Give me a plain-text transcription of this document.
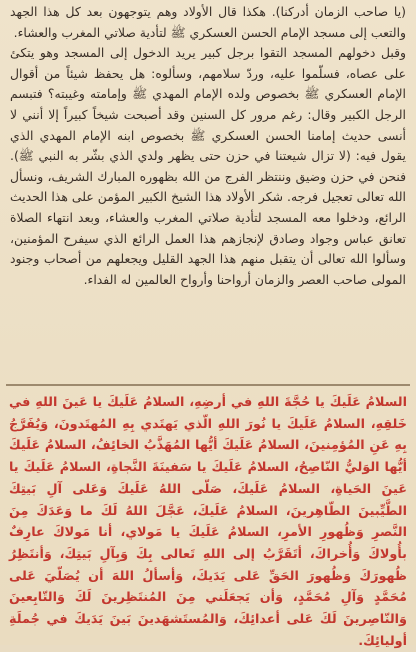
(يا صاحب الزمان أدركنا). هكذا قال الأولاد وهم يتوجهون بعد كل هذا الجهد والتعب إلى مسجد الإمام الحسن العسكري ﷺ لتأدية صلاتي المغرب والعشاء.

وقبل دخولهم المسجد التقوا برجل كبير يريد الدخول إلى المسجد وهو يتكئ على عصاه، فسلّموا عليه، وردّ سلامهم، وسألوه: هل يحفظ شيئاً من أقوال الإمام العسكري ﷺ بخصوص ولده الإمام المهدي ﷺ وإمامته وغيبته؟ فتبسم الرجل الكبير وقال: رغم مرور كل السنين وقد أصبحت شيخاً كبيراً إلا أنني لا أنسى حديث إمامنا الحسن العسكري ﷺ بخصوص ابنه الإمام المهدي الذي يقول فيه: (لا تزال شيعتنا في حزن حتى يظهر ولدي الذي بشّر به النبي ﷺ). فنحن في حزن وضيق وننتظر الفرج من الله بظهوره المبارك الشريف، ونسأل الله تعالى تعجيل فرجه. شكر الأولاد هذا الشيخ الكبير المؤمن على هذا الحديث الرائع، ودخلوا معه المسجد لتأدية صلاتي المغرب والعشاء، وبعد انتهاء الصلاة تعانق عباس وجواد وصادق لإنجازهم هذا العمل الرائع الذي سيفرح المؤمنين، وسألوا الله تعالى أن يتقبل منهم هذا الجهد القليل ويجعلهم من أصحاب وجنود المولى صاحب العصر والزمان أرواحنا وأرواح العالمين له الفداء.

السلامُ عَلَيكَ يا حُجَّةَ اللهِ في أرضِهِ، السلامُ عَلَيكَ يا عَينَ اللهِ في خَلقِهِ، السلامُ عَلَيكَ يا نُورَ اللهِ الّذي يَهتَدي بِهِ المُهتَدونَ، وَيُفَرَّجُ بِهِ عَنِ المُؤمِنينَ، السلامُ عَلَيكَ أيُّها المُهَذَّبُ الخائِفُ، السلامُ عَلَيكَ أيُّها الوَليُّ النّاصِحُ، السلامُ عَلَيكَ يا سَفينَةَ النَّجاةِ، السلامُ عَلَيكَ يا عَينَ الحَياةِ، السلامُ عَلَيكَ، صَلّى اللهُ عَلَيكَ وَعَلى آلِ بَيتِكَ الطَّيِّبينَ الطّاهِرينَ، السلامُ عَلَيكَ، عَجَّلَ اللهُ لَكَ ما وَعَدَكَ مِنَ النَّصرِ وَظُهورِ الأمرِ، السلامُ عَلَيكَ يا مَولاي، أنا مَولاكَ عارِفٌ بأُولاكَ وَأُخراكَ، أتَقَرَّبُ إلى اللهِ تَعالى بِكَ وَبِآلِ بَيتِكَ، وَأنتَظِرُ ظُهورَكَ وَظُهورَ الحَقِّ عَلى يَدَيكَ، وَأسألُ اللهَ أن يُصَلّيَ عَلى مُحَمَّدٍ وَآلِ مُحَمَّدٍ، وَأن يَجعَلَني مِنَ المُنتَظِرينَ لَكَ وَالتّابِعينَ وَالنّاصِرينَ لَكَ عَلى أعدائِكَ، وَالمُستَشهَدينَ بَينَ يَدَيكَ في جُملَةِ أوليائِكَ.
